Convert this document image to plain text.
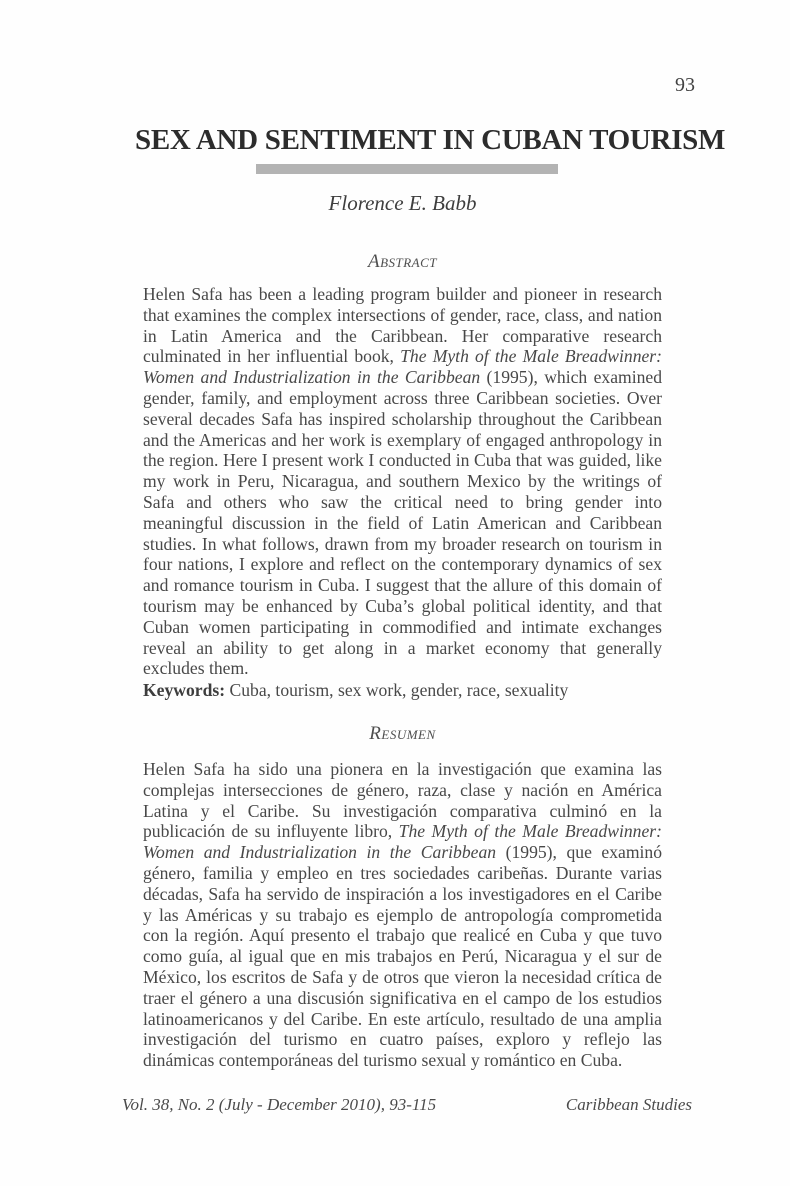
93
SEX AND SENTIMENT IN CUBAN TOURISM
Florence E. Babb
Abstract

Helen Safa has been a leading program builder and pioneer in research that examines the complex intersections of gender, race, class, and nation in Latin America and the Caribbean. Her comparative research culminated in her influential book, The Myth of the Male Breadwinner: Women and Industrialization in the Caribbean (1995), which examined gender, family, and employment across three Caribbean societies. Over several decades Safa has inspired scholarship throughout the Caribbean and the Americas and her work is exemplary of engaged anthropology in the region. Here I present work I conducted in Cuba that was guided, like my work in Peru, Nicaragua, and southern Mexico by the writings of Safa and others who saw the critical need to bring gender into meaningful discussion in the field of Latin American and Caribbean studies. In what follows, drawn from my broader research on tourism in four nations, I explore and reflect on the contemporary dynamics of sex and romance tourism in Cuba. I suggest that the allure of this domain of tourism may be enhanced by Cuba’s global political identity, and that Cuban women participating in commodified and intimate exchanges reveal an ability to get along in a market economy that generally excludes them.

Keywords: Cuba, tourism, sex work, gender, race, sexuality

Resumen

Helen Safa ha sido una pionera en la investigación que examina las complejas intersecciones de género, raza, clase y nación en América Latina y el Caribe. Su investigación comparativa culminó en la publicación de su influyente libro, The Myth of the Male Breadwinner: Women and Industrialization in the Caribbean (1995), que examinó género, familia y empleo en tres sociedades caribeñas. Durante varias décadas, Safa ha servido de inspiración a los investigadores en el Caribe y las Américas y su trabajo es ejemplo de antropología comprometida con la región. Aquí presento el trabajo que realicé en Cuba y que tuvo como guía, al igual que en mis trabajos en Perú, Nicaragua y el sur de México, los escritos de Safa y de otros que vieron la necesidad crítica de traer el género a una discusión significativa en el campo de los estudios latinoamericanos y del Caribe. En este artículo, resultado de una amplia investigación del turismo en cuatro países, exploro y reflejo las dinámicas contemporáneas del turismo sexual y romántico en Cuba.

Vol. 38, No. 2 (July - December 2010), 93-115	Caribbean Studies
